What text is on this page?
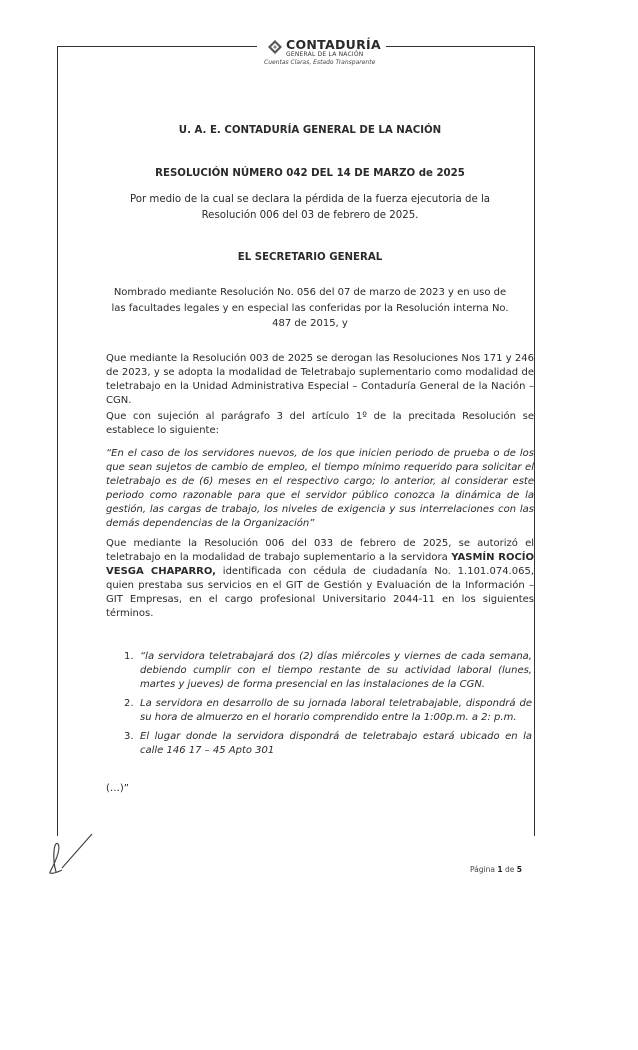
CONTADURÍA
GENERAL DE LA NACIÓN
Cuentas Claras, Estado Transparente
U. A. E. CONTADURÍA GENERAL DE LA NACIÓN
RESOLUCIÓN NÚMERO 042 DEL 14 DE MARZO de 2025
Por medio de la cual se declara la pérdida de la fuerza ejecutoria de la
Resolución 006 del 03 de febrero de 2025.
EL SECRETARIO GENERAL
Nombrado mediante Resolución No. 056 del 07 de marzo de 2023 y en uso de
las facultades legales y en especial las conferidas por la Resolución interna No.
487 de 2015, y
Que mediante la Resolución 003 de 2025 se derogan las Resoluciones Nos 171 y 246 de 2023, y se adopta la modalidad de Teletrabajo suplementario como modalidad de teletrabajo en la Unidad Administrativa Especial – Contaduría General de la Nación – CGN.
Que con sujeción al parágrafo 3 del artículo 1º de la precitada Resolución se establece lo siguiente:
“En el caso de los servidores nuevos, de los que inicien periodo de prueba o de los que sean sujetos de cambio de empleo, el tiempo mínimo requerido para solicitar el teletrabajo es de (6) meses en el respectivo cargo; lo anterior, al considerar este periodo como razonable para que el servidor público conozca la dinámica de la gestión, las cargas de trabajo, los niveles de exigencia y sus interrelaciones con las demás dependencias de la Organización”
Que mediante la Resolución 006 del 033 de febrero de 2025, se autorizó el teletrabajo en la modalidad de trabajo suplementario a la servidora YASMÍN ROCÍO VESGA CHAPARRO, identificada con cédula de ciudadanía No. 1.101.074.065, quien prestaba sus servicios en el GIT de Gestión y Evaluación de la Información – GIT Empresas, en el cargo profesional Universitario 2044-11 en los siguientes términos.
1. “la servidora teletrabajará dos (2) días miércoles y viernes de cada semana, debiendo cumplir con el tiempo restante de su actividad laboral (lunes, martes y jueves) de forma presencial en las instalaciones de la CGN.
2. La servidora en desarrollo de su jornada laboral teletrabajable, dispondrá de su hora de almuerzo en el horario comprendido entre la 1:00p.m. a 2: p.m.
3. El lugar donde la servidora dispondrá de teletrabajo estará ubicado en la calle 146 17 – 45 Apto 301
(…)”
Página 1 de 5
